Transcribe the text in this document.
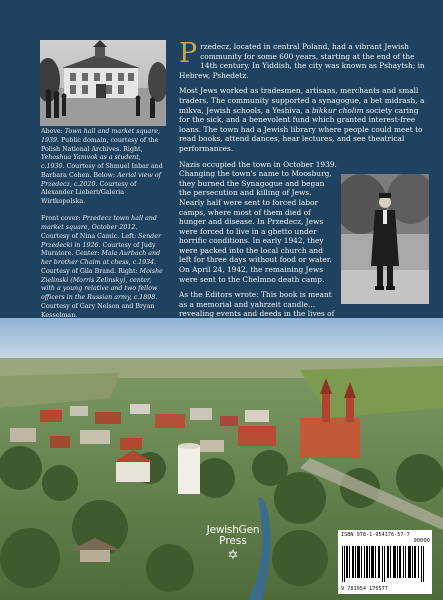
Above: Town hall and market square, 1939. Public domain, courtesy of the Polish National Archives. Right, Yehoshua Yamvok as a student, c.1930. Courtesy of Shmuel Inbar and Barbara Cohen. Below: Aerial view of Przedecz, c.2020. Courtesy of Alexander Liebert/Galeria Wirtkopolska.

Front cover: Przedecz town hall and market square, October 2012. Courtesy of Nina Camic. Left: Sender Przedecki in 1926. Courtesy of Judy Muratore. Center: Mala Aurbach and her brother Chaim at chess, c.1934. Courtesy of Gila Brand. Right: Moishe Zielinski (Morris Zelinsky), center, with a young relative and two fellow officers in the Russian army, c.1898. Courtesy of Gary Nelson and Bryan Kesselman.

Przedecz, located in central Poland, had a vibrant Jewish community for some 600 years, starting at the end of the 14th century. In Yiddish, the city was known as Pshaytsh; in Hebrew, Pshedetz.

Most Jews worked as tradesmen, artisans, merchants and small traders. The community supported a synagogue, a bet midrash, a mikva, Jewish schools, a Yeshiva, a bikkur cholim society caring for the sick, and a benevolent fund which granted interest-free loans. The town had a Jewish library where people could meet to read books, attend dances, hear lectures, and see theatrical performances.

Nazis occupied the town in October 1939. Changing the town's name to Moosburg, they burned the Synagogue and began the persecution and killing of Jews. Nearly half were sent to forced labor camps, where most of them died of hunger and disease. In Przedecz, Jews were forced to live in a ghetto under horrific conditions. In early 1942, they were packed into the local church and left for three days without food or water. On April 24, 1942, the remaining Jews were sent to the Chelmno death camp.

As the Editors wrote: This book is meant as a memorial and yahrzeit candle... revealing events and deeds in the lives of

JewishGen
Press
✡
ISBN 978-1-954176-57-7
90000
9 781954 176577
